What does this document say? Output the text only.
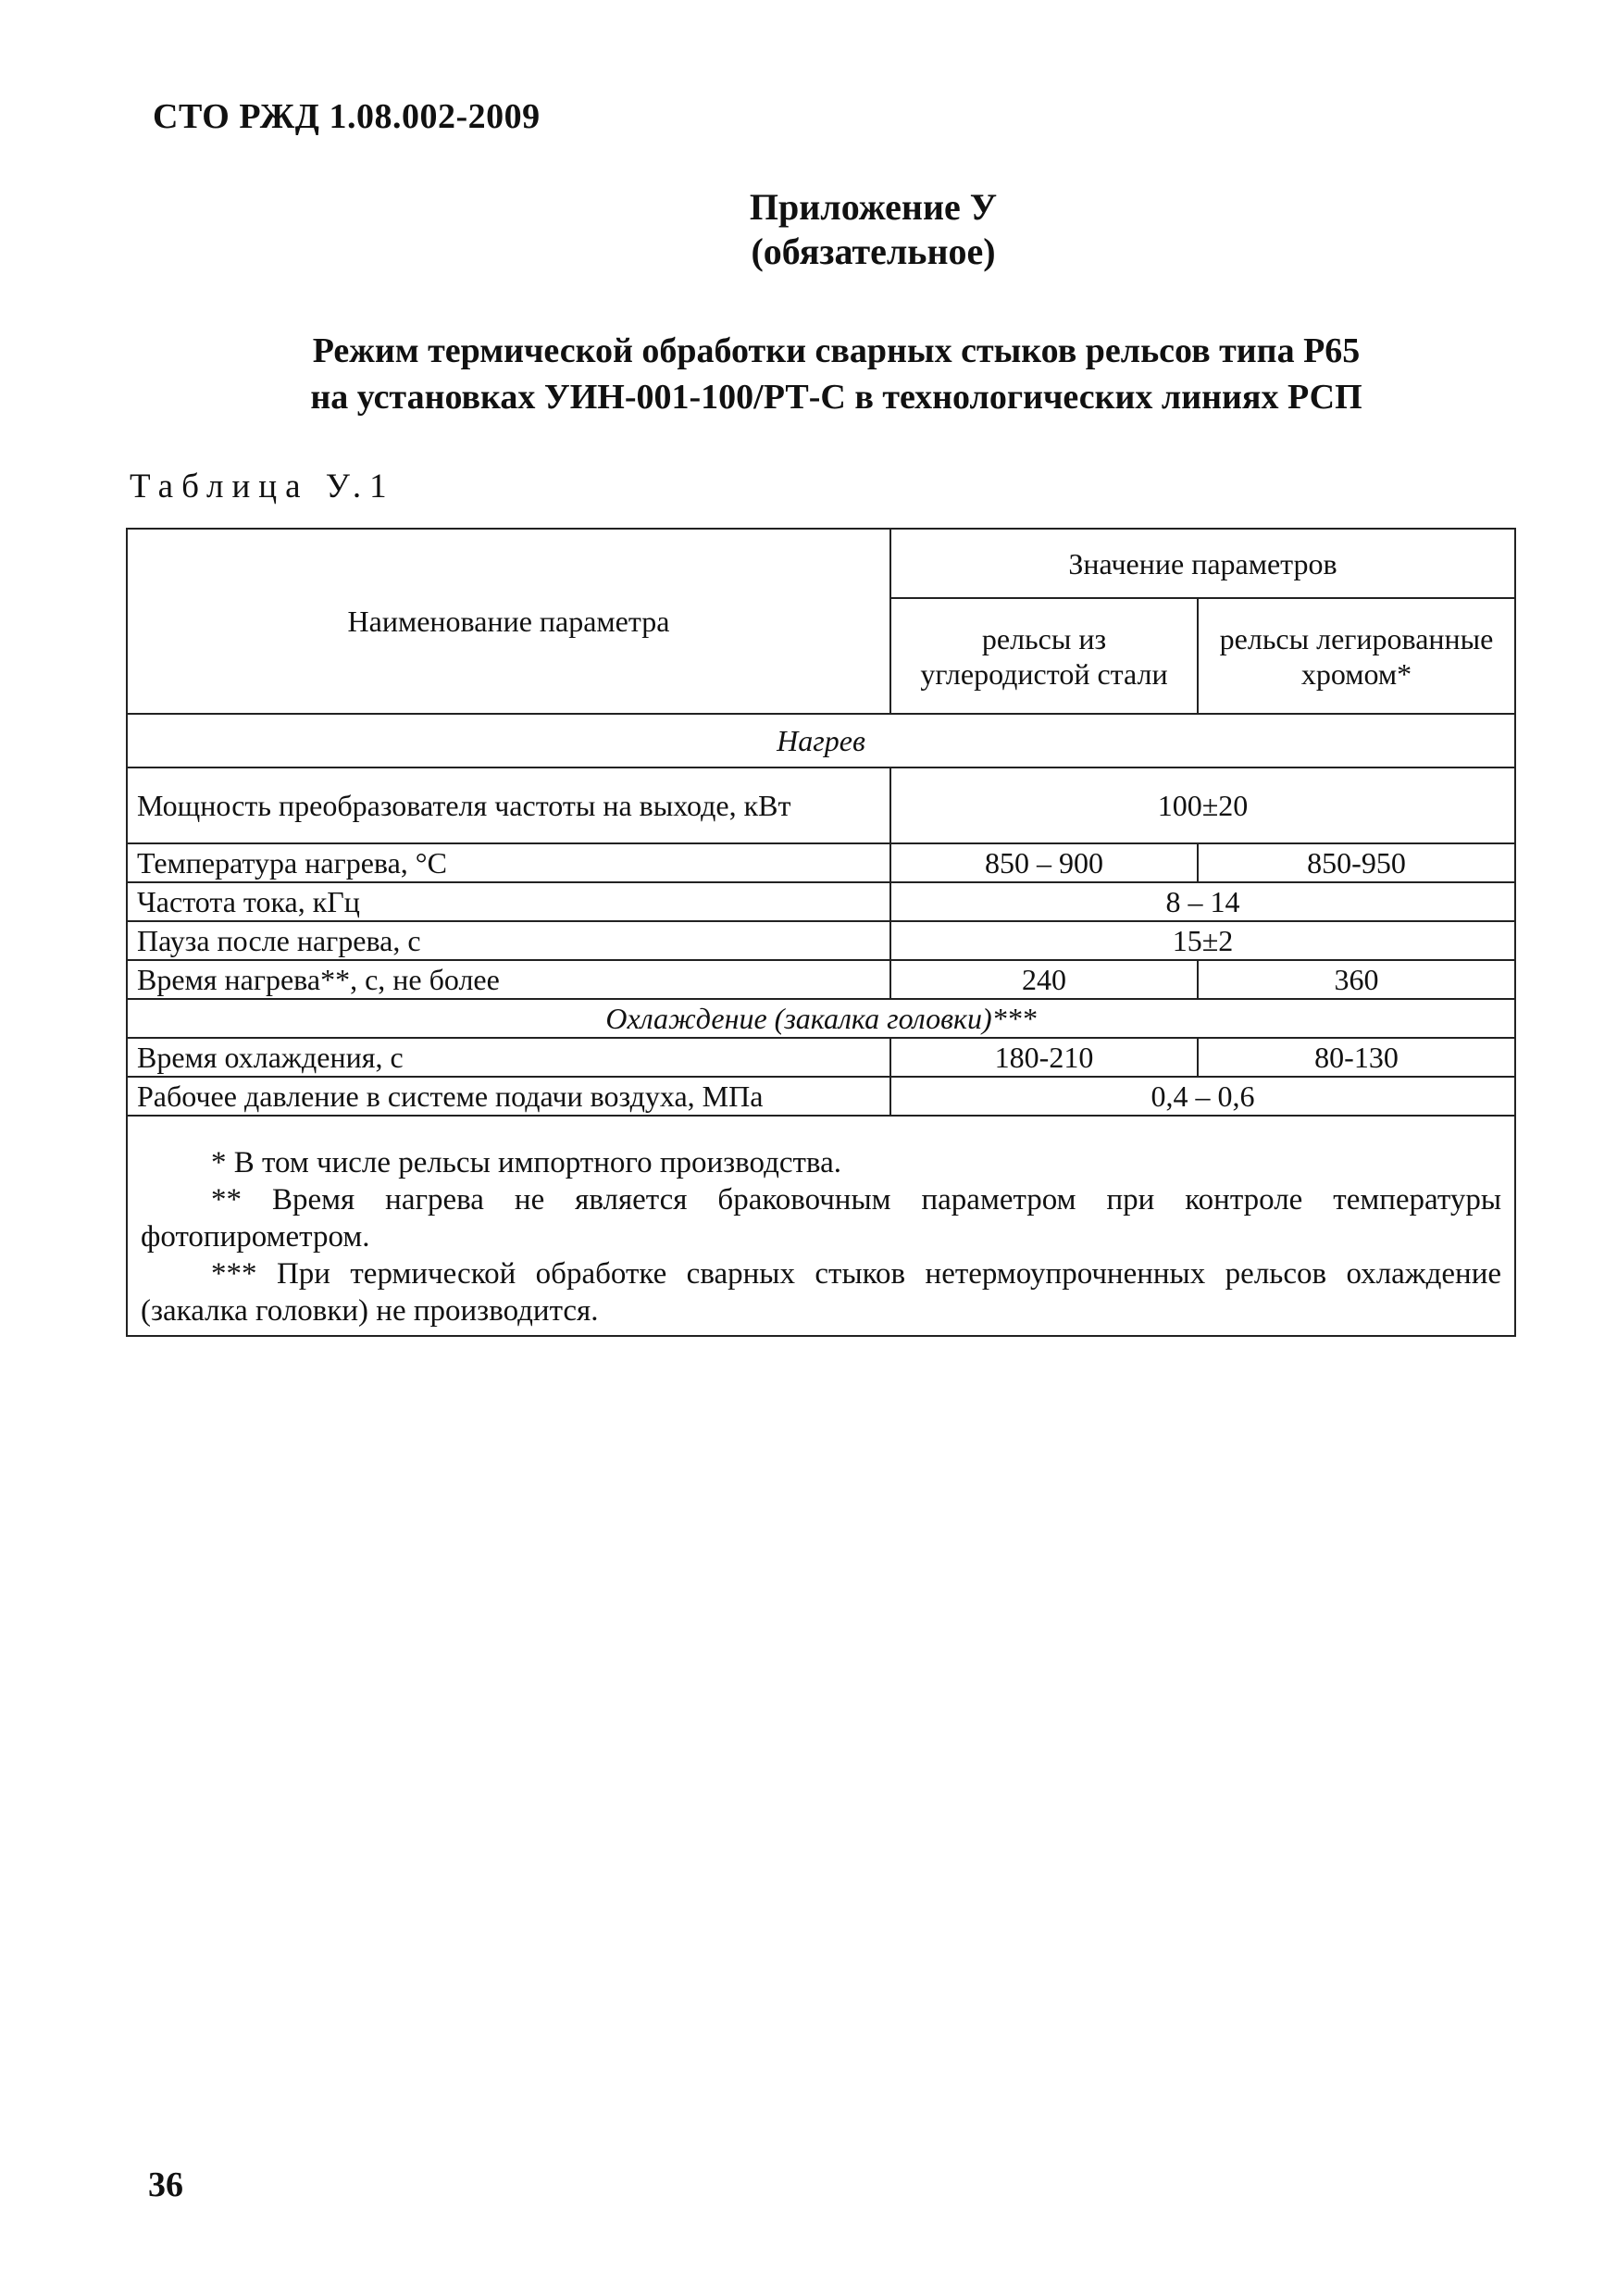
СТО РЖД 1.08.002-2009
Приложение У
(обязательное)
Режим термической обработки сварных стыков рельсов типа Р65
на установках УИН-001-100/РТ-С в технологических линиях РСП
Таблица У.1
Наименование параметра	Значение параметров	
	рельсы из углеродистой стали	рельсы легированные хромом*
Нагрев		
Мощность преобразователя частоты на выходе, кВт	100±20	
Температура нагрева, °С	850 – 900	850-950
Частота тока, кГц	8 – 14	
Пауза после нагрева, с	15±2	
Время нагрева**, с, не более	240	360
Охлаждение (закалка головки)***		
Время охлаждения, с	180-210	80-130
Рабочее давление в системе подачи воздуха, МПа	0,4 – 0,6	

* В том числе рельсы импортного производства.

** Время нагрева не является браковочным параметром при контроле температуры фотопирометром.

*** При термической обработке сварных стыков нетермоупрочненных рельсов охлаждение (закалка головки) не производится.		

36
